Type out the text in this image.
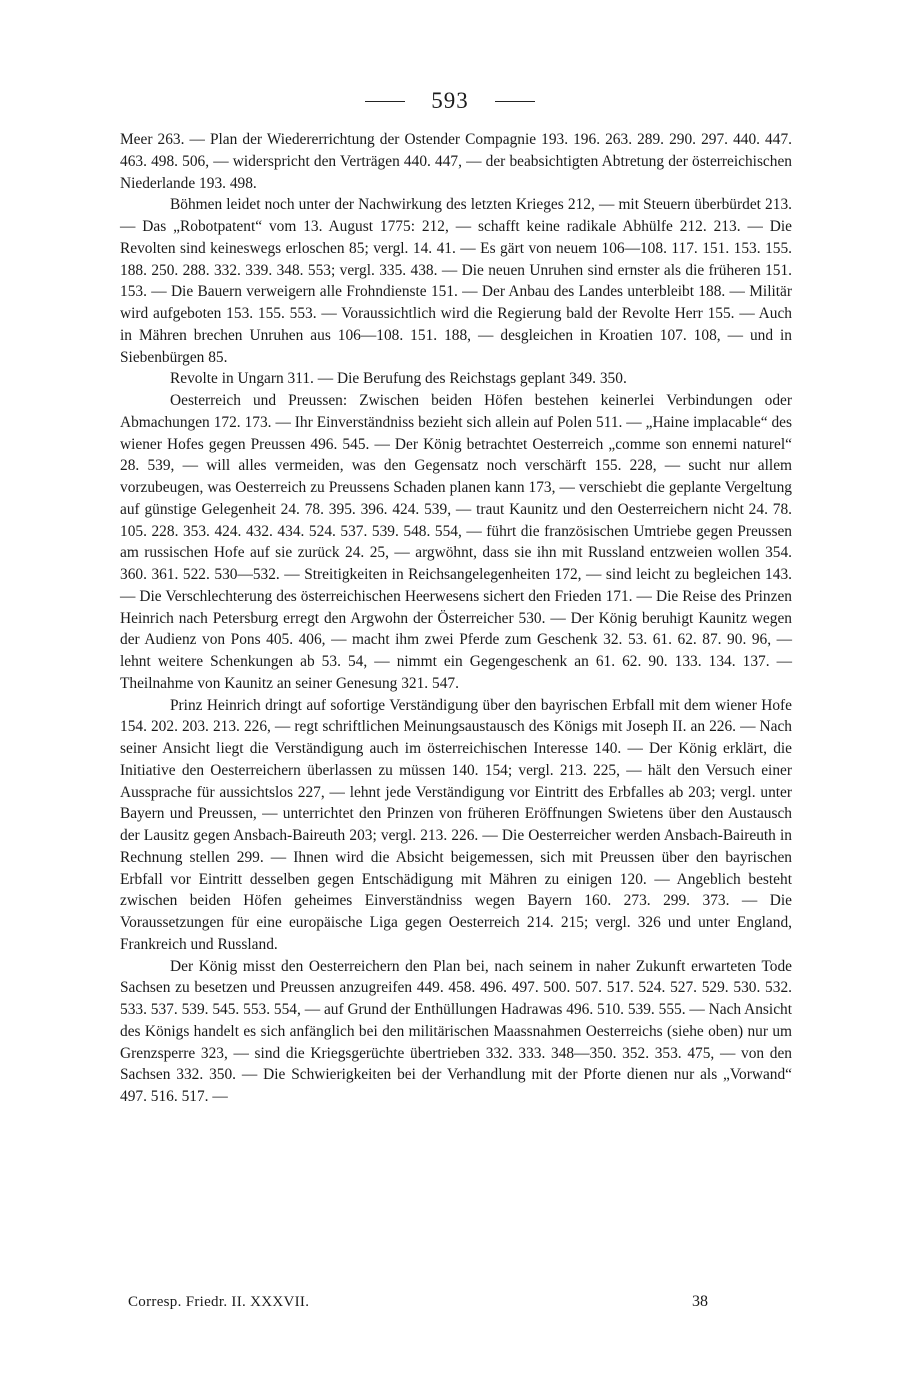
593

Meer 263. — Plan der Wiedererrichtung der Ostender Compagnie 193. 196. 263. 289. 290. 297. 440. 447. 463. 498. 506, — widerspricht den Verträgen 440. 447, — der beabsichtigten Abtretung der österreichischen Niederlande 193. 498.

Böhmen leidet noch unter der Nachwirkung des letzten Krieges 212, — mit Steuern überbürdet 213. — Das „Robotpatent“ vom 13. August 1775: 212, — schafft keine radikale Abhülfe 212. 213. — Die Revolten sind keineswegs erloschen 85; vergl. 14. 41. — Es gärt von neuem 106—108. 117. 151. 153. 155. 188. 250. 288. 332. 339. 348. 553; vergl. 335. 438. — Die neuen Unruhen sind ernster als die früheren 151. 153. — Die Bauern verweigern alle Frohndienste 151. — Der Anbau des Landes unterbleibt 188. — Militär wird aufgeboten 153. 155. 553. — Voraussichtlich wird die Regierung bald der Revolte Herr 155. — Auch in Mähren brechen Unruhen aus 106—108. 151. 188, — desgleichen in Kroatien 107. 108, — und in Siebenbürgen 85.

Revolte in Ungarn 311. — Die Berufung des Reichstags geplant 349. 350.

Oesterreich und Preussen: Zwischen beiden Höfen bestehen keinerlei Verbindungen oder Abmachungen 172. 173. — Ihr Einverständniss bezieht sich allein auf Polen 511. — „Haine implacable“ des wiener Hofes gegen Preussen 496. 545. — Der König betrachtet Oesterreich „comme son ennemi naturel“ 28. 539, — will alles vermeiden, was den Gegensatz noch verschärft 155. 228, — sucht nur allem vorzubeugen, was Oesterreich zu Preussens Schaden planen kann 173, — verschiebt die geplante Vergeltung auf günstige Gelegenheit 24. 78. 395. 396. 424. 539, — traut Kaunitz und den Oesterreichern nicht 24. 78. 105. 228. 353. 424. 432. 434. 524. 537. 539. 548. 554, — führt die französischen Umtriebe gegen Preussen am russischen Hofe auf sie zurück 24. 25, — argwöhnt, dass sie ihn mit Russland entzweien wollen 354. 360. 361. 522. 530—532. — Streitigkeiten in Reichsangelegenheiten 172, — sind leicht zu begleichen 143. — Die Verschlechterung des österreichischen Heerwesens sichert den Frieden 171. — Die Reise des Prinzen Heinrich nach Petersburg erregt den Argwohn der Österreicher 530. — Der König beruhigt Kaunitz wegen der Audienz von Pons 405. 406, — macht ihm zwei Pferde zum Geschenk 32. 53. 61. 62. 87. 90. 96, — lehnt weitere Schenkungen ab 53. 54, — nimmt ein Gegengeschenk an 61. 62. 90. 133. 134. 137. — Theilnahme von Kaunitz an seiner Genesung 321. 547.

Prinz Heinrich dringt auf sofortige Verständigung über den bayrischen Erbfall mit dem wiener Hofe 154. 202. 203. 213. 226, — regt schriftlichen Meinungsaustausch des Königs mit Joseph II. an 226. — Nach seiner Ansicht liegt die Verständigung auch im österreichischen Interesse 140. — Der König erklärt, die Initiative den Oesterreichern überlassen zu müssen 140. 154; vergl. 213. 225, — hält den Versuch einer Aussprache für aussichtslos 227, — lehnt jede Verständigung vor Eintritt des Erbfalles ab 203; vergl. unter Bayern und Preussen, — unterrichtet den Prinzen von früheren Eröffnungen Swietens über den Austausch der Lausitz gegen Ansbach-Baireuth 203; vergl. 213. 226. — Die Oesterreicher werden Ansbach-Baireuth in Rechnung stellen 299. — Ihnen wird die Absicht beigemessen, sich mit Preussen über den bayrischen Erbfall vor Eintritt desselben gegen Entschädigung mit Mähren zu einigen 120. — Angeblich besteht zwischen beiden Höfen geheimes Einverständniss wegen Bayern 160. 273. 299. 373. — Die Voraussetzungen für eine europäische Liga gegen Oesterreich 214. 215; vergl. 326 und unter England, Frankreich und Russland.

Der König misst den Oesterreichern den Plan bei, nach seinem in naher Zukunft erwarteten Tode Sachsen zu besetzen und Preussen anzugreifen 449. 458. 496. 497. 500. 507. 517. 524. 527. 529. 530. 532. 533. 537. 539. 545. 553. 554, — auf Grund der Enthüllungen Hadrawas 496. 510. 539. 555. — Nach Ansicht des Königs handelt es sich anfänglich bei den militärischen Maassnahmen Oesterreichs (siehe oben) nur um Grenzsperre 323, — sind die Kriegsgerüchte übertrieben 332. 333. 348—350. 352. 353. 475, — von den Sachsen 332. 350. — Die Schwierigkeiten bei der Verhandlung mit der Pforte dienen nur als „Vorwand“ 497. 516. 517. —

Corresp. Friedr. II. XXXVII.	38
